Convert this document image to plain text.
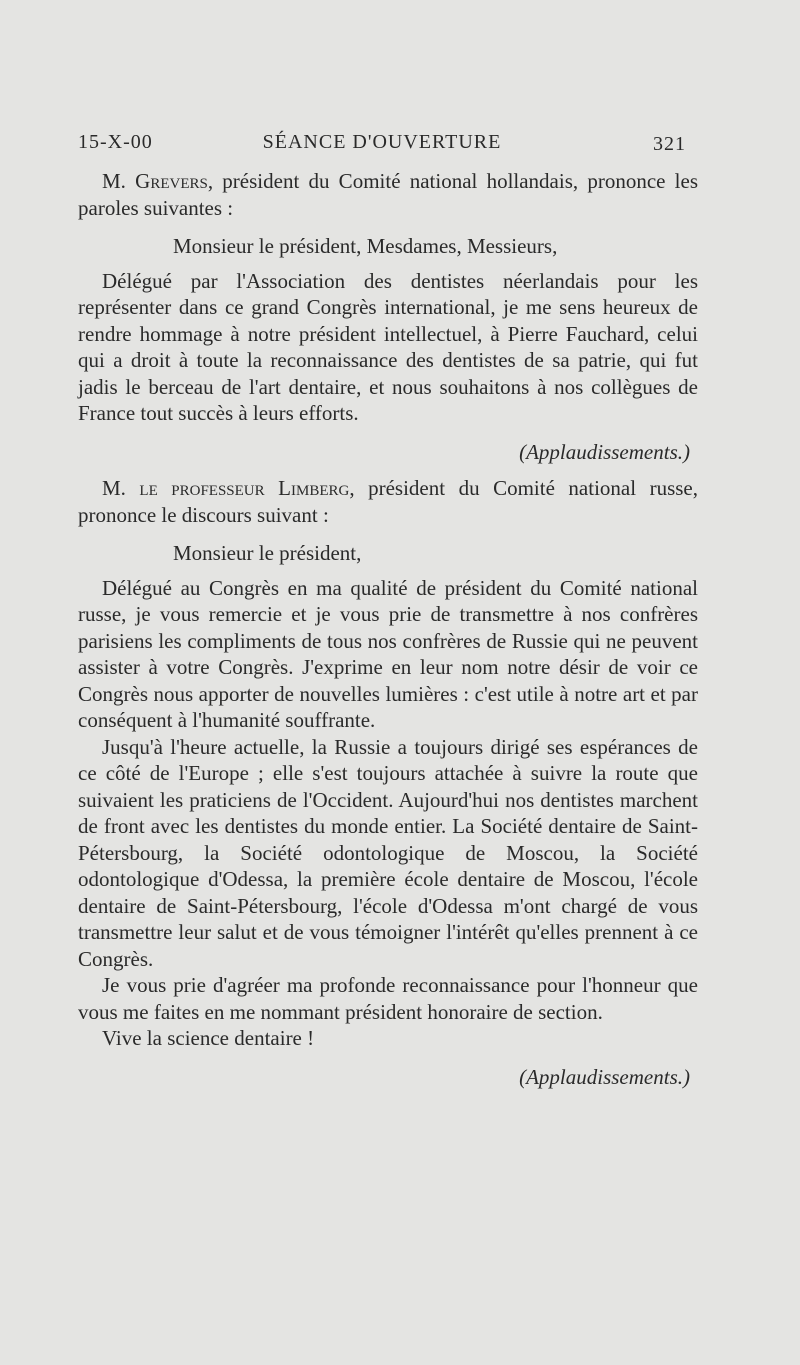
15-X-00	SÉANCE D'OUVERTURE	321

M. Grevers, président du Comité national hollandais, prononce les paroles suivantes :

Monsieur le président, Mesdames, Messieurs,

Délégué par l'Association des dentistes néerlandais pour les représenter dans ce grand Congrès international, je me sens heureux de rendre hommage à notre président intellectuel, à Pierre Fauchard, celui qui a droit à toute la reconnaissance des dentistes de sa patrie, qui fut jadis le berceau de l'art dentaire, et nous souhaitons à nos collègues de France tout succès à leurs efforts.

(Applaudissements.)

M. le professeur Limberg, président du Comité national russe, prononce le discours suivant :

Monsieur le président,

Délégué au Congrès en ma qualité de président du Comité national russe, je vous remercie et je vous prie de transmettre à nos confrères parisiens les compliments de tous nos confrères de Russie qui ne peuvent assister à votre Congrès. J'exprime en leur nom notre désir de voir ce Congrès nous apporter de nouvelles lumières : c'est utile à notre art et par conséquent à l'humanité souffrante.

Jusqu'à l'heure actuelle, la Russie a toujours dirigé ses espérances de ce côté de l'Europe ; elle s'est toujours attachée à suivre la route que suivaient les praticiens de l'Occident. Aujourd'hui nos dentistes marchent de front avec les dentistes du monde entier. La Société dentaire de Saint-Pétersbourg, la Société odontologique de Moscou, la Société odontologique d'Odessa, la première école dentaire de Moscou, l'école dentaire de Saint-Pétersbourg, l'école d'Odessa m'ont chargé de vous transmettre leur salut et de vous témoigner l'intérêt qu'elles prennent à ce Congrès.

Je vous prie d'agréer ma profonde reconnaissance pour l'honneur que vous me faites en me nommant président honoraire de section.

Vive la science dentaire !

(Applaudissements.)
